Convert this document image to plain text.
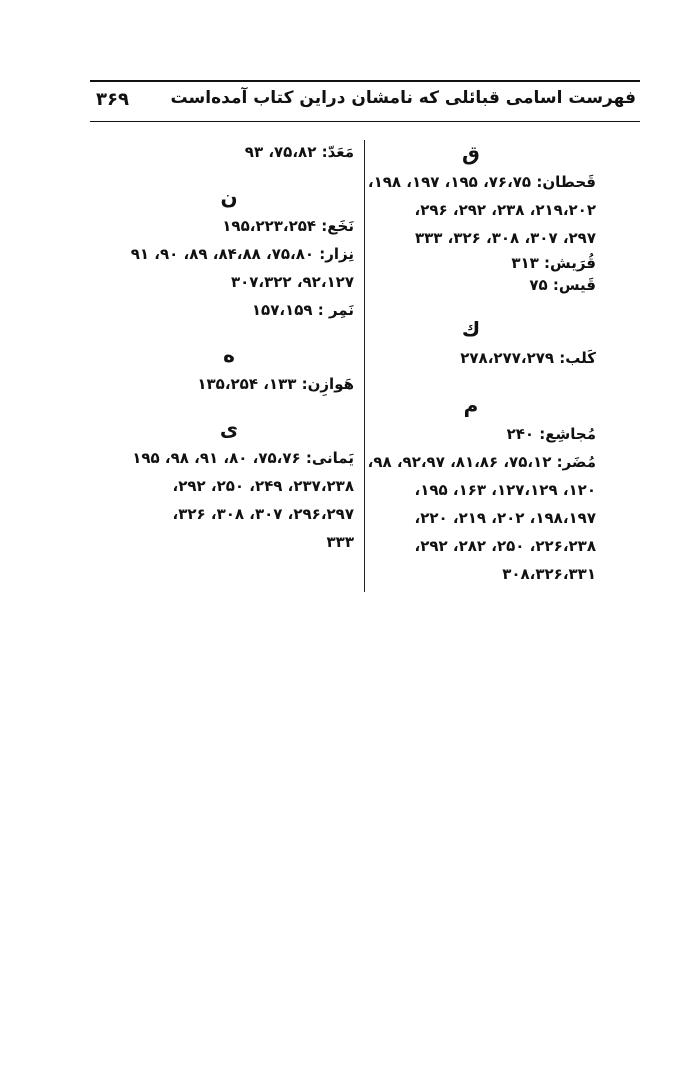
۳۶۹ فهرست اسامی قبائلی که نامشان دراین کتاب آمده‌است
ق
قَحطان: ۷۶،۷۵، ۱۹۵، ۱۹۷، ۱۹۸،
۲۱۹،۲۰۲، ۲۳۸، ۲۹۲، ۲۹۶،
۲۹۷، ۳۰۷، ۳۰۸، ۳۲۶، ۳۳۳
قُرَیش: ۳۱۳
قَیس: ۷۵
ك
کَلب: ۲۷۸،۲۷۷،۲۷۹
م
مُجاشِع: ۲۴۰
مُضَر: ۷۵،۱۲، ۸۱،۸۶، ۹۲،۹۷، ۹۸،
۱۲۰، ۱۲۷،۱۲۹، ۱۶۳، ۱۹۵،
۱۹۸،۱۹۷، ۲۰۲، ۲۱۹، ۲۲۰،
۲۲۶،۲۳۸، ۲۵۰، ۲۸۲، ۲۹۲،
۳۰۸،۳۲۶،۳۳۱
مَعَدّ: ۷۵،۸۲، ۹۳
ن
نَخَع: ۱۹۵،۲۲۳،۲۵۴
نِزار: ۷۵،۸۰، ۸۴،۸۸، ۸۹، ۹۰، ۹۱
۹۲،۱۲۷، ۳۰۷،۳۲۲
نَمِر : ۱۵۷،۱۵۹
ه
هَوازِن: ۱۳۳، ۱۳۵،۲۵۴
ی
یَمانی: ۷۵،۷۶، ۸۰، ۹۱، ۹۸، ۱۹۵
۲۳۷،۲۳۸، ۲۴۹، ۲۵۰، ۲۹۲،
۲۹۶،۲۹۷، ۳۰۷، ۳۰۸، ۳۲۶،
۳۳۳
